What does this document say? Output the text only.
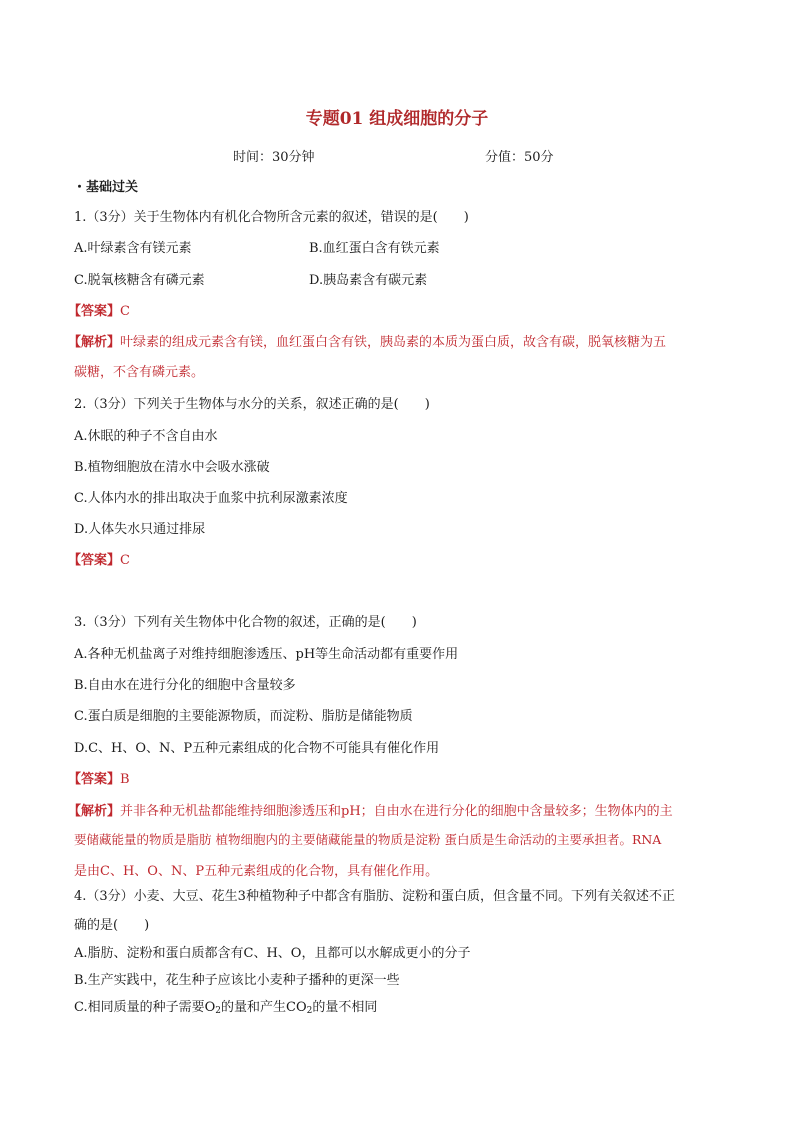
专题01 组成细胞的分子
时间：30分钟	分值：50分
・基础过关
1.（3分）关于生物体内有机化合物所含元素的叙述，错误的是(　　)
A.叶绿素含有镁元素	B.血红蛋白含有铁元素
C.脱氧核糖含有磷元素	D.胰岛素含有碳元素
【答案】C
【解析】叶绿素的组成元素含有镁，血红蛋白含有铁，胰岛素的本质为蛋白质，故含有碳，脱氧核糖为五
碳糖，不含有磷元素。
2.（3分）下列关于生物体与水分的关系，叙述正确的是(　　)
A.休眠的种子不含自由水
B.植物细胞放在清水中会吸水涨破
C.人体内水的排出取决于血浆中抗利尿激素浓度
D.人体失水只通过排尿
【答案】C
3.（3分）下列有关生物体中化合物的叙述，正确的是(　　)
A.各种无机盐离子对维持细胞渗透压、pH等生命活动都有重要作用
B.自由水在进行分化的细胞中含量较多
C.蛋白质是细胞的主要能源物质，而淀粉、脂肪是储能物质
D.C、H、O、N、P五种元素组成的化合物不可能具有催化作用
【答案】B
【解析】并非各种无机盐都能维持细胞渗透压和pH；自由水在进行分化的细胞中含量较多；生物体内的主
要储藏能量的物质是脂肪 植物细胞内的主要储藏能量的物质是淀粉 蛋白质是生命活动的主要承担者。RNA
是由C、H、O、N、P五种元素组成的化合物，具有催化作用。
4.（3分）小麦、大豆、花生3种植物种子中都含有脂肪、淀粉和蛋白质，但含量不同。下列有关叙述不正
确的是(　　)
A.脂肪、淀粉和蛋白质都含有C、H、O，且都可以水解成更小的分子
B.生产实践中，花生种子应该比小麦种子播种的更深一些
C.相同质量的种子需要$O_2$的量和产生$CO_2$的量不相同
